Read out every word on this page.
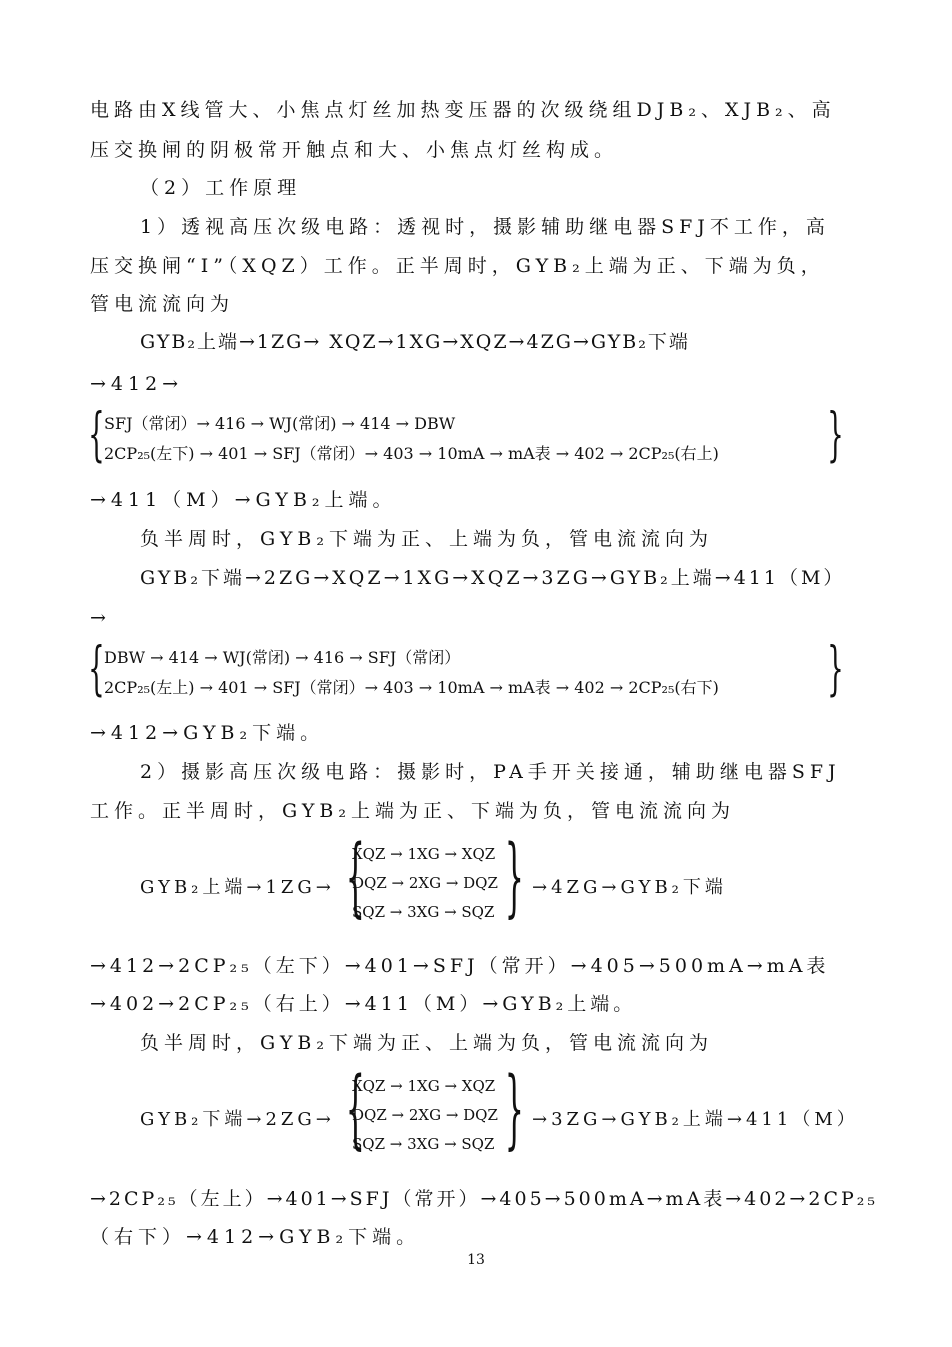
电路由X线管大、小焦点灯丝加热变压器的次级绕组DJB₂、XJB₂、高
压交换闸的阴极常开触点和大、小焦点灯丝构成。
（2）工作原理
1）透视高压次级电路：透视时，摄影辅助继电器SFJ不工作，高
压交换闸“Ⅰ”（XQZ）工作。正半周时，GYB₂上端为正、下端为负，
管电流流向为
GYB₂上端→1ZG→ XQZ→1XG→XQZ→4ZG→GYB₂下端
→412→
{ SFJ（常闭）→ 416 → WJ(常闭) → 414 → DBW
2CP₂₅(左下) → 401 → SFJ（常闭）→ 403 → 10mA → mA表 → 402 → 2CP₂₅(右上) }
→411（M）→GYB₂上端。
负半周时，GYB₂下端为正、上端为负，管电流流向为
GYB₂下端→2ZG→XQZ→1XG→XQZ→3ZG→GYB₂上端→411（M）
→
{ DBW → 414 → WJ(常闭) → 416 → SFJ（常闭）
2CP₂₅(左上) → 401 → SFJ（常闭）→ 403 → 10mA → mA表 → 402 → 2CP₂₅(右下) }
→412→GYB₂下端。
2）摄影高压次级电路：摄影时，PA手开关接通，辅助继电器SFJ
工作。正半周时，GYB₂上端为正、下端为负，管电流流向为
GYB₂上端→1ZG→ {
XQZ → 1XG → XQZ
DQZ → 2XG → DQZ
SQZ → 3XG → SQZ } →4ZG→GYB₂下端
→412→2CP₂₅（左下）→401→SFJ（常开）→405→500mA→mA表
→402→2CP₂₅（右上）→411（M）→GYB₂上端。
负半周时，GYB₂下端为正、上端为负，管电流流向为
GYB₂下端→2ZG→ {
XQZ → 1XG → XQZ
DQZ → 2XG → DQZ
SQZ → 3XG → SQZ } →3ZG→GYB₂上端→411（M）
→2CP₂₅（左上）→401→SFJ（常开）→405→500mA→mA表→402→2CP₂₅
（右下）→412→GYB₂下端。
13
